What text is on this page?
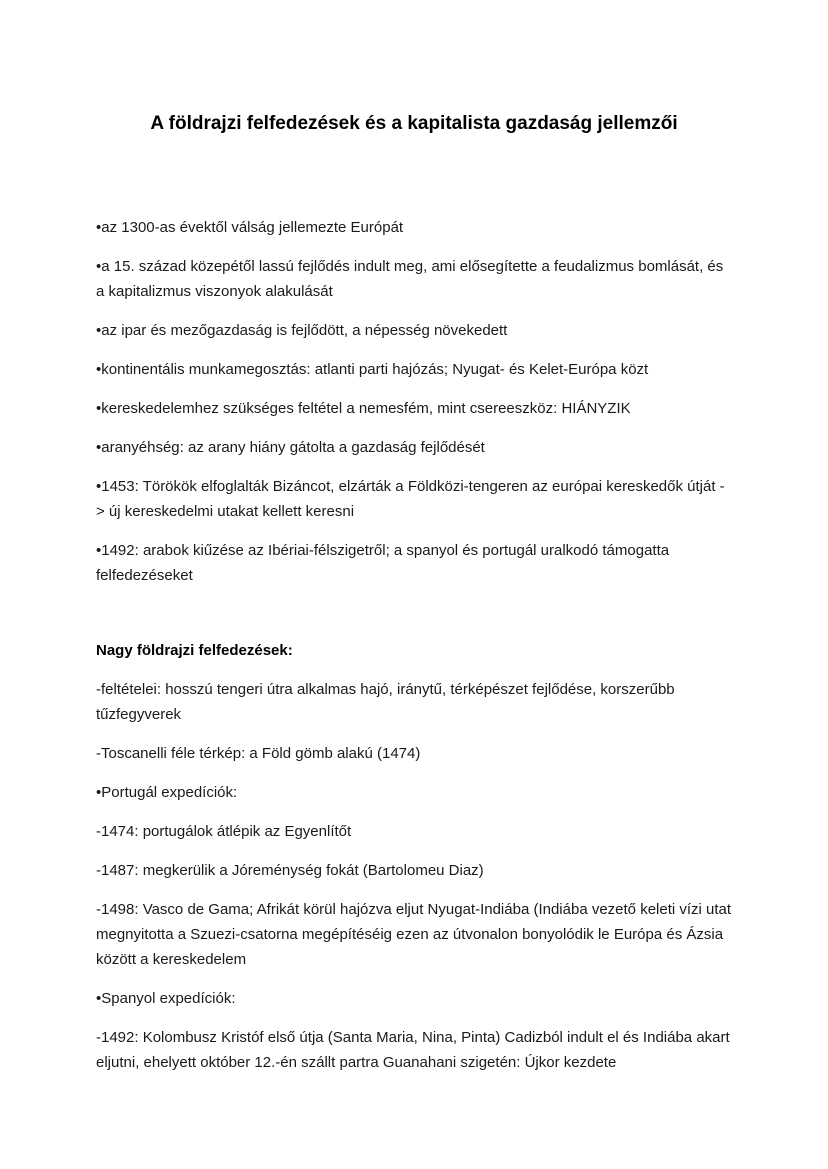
A földrajzi felfedezések és a kapitalista gazdaság jellemzői

•az 1300-as évektől válság jellemezte Európát

•a 15. század közepétől lassú fejlődés indult meg, ami elősegítette a feudalizmus bomlását, és a kapitalizmus viszonyok alakulását

•az ipar és mezőgazdaság is fejlődött, a népesség növekedett

•kontinentális munkamegosztás: atlanti parti hajózás; Nyugat- és Kelet-Európa közt

•kereskedelemhez szükséges feltétel a nemesfém, mint csereeszköz: HIÁNYZIK

•aranyéhség: az arany hiány gátolta a gazdaság fejlődését

•1453: Törökök elfoglalták Bizáncot, elzárták a Földközi-tengeren az európai kereskedők útját -> új kereskedelmi utakat kellett keresni

•1492: arabok kiűzése az Ibériai-félszigetről; a spanyol és portugál uralkodó támogatta felfedezéseket

Nagy földrajzi felfedezések:

-feltételei: hosszú tengeri útra alkalmas hajó, iránytű, térképészet fejlődése, korszerűbb tűzfegyverek

-Toscanelli féle térkép: a Föld gömb alakú (1474)

•Portugál expedíciók:

-1474: portugálok átlépik az Egyenlítőt

-1487: megkerülik a Jóreménység fokát (Bartolomeu Diaz)

-1498: Vasco de Gama; Afrikát körül hajózva eljut Nyugat-Indiába (Indiába vezető keleti vízi utat megnyitotta a Szuezi-csatorna megépítéséig ezen az útvonalon bonyolódik le Európa és Ázsia között a kereskedelem

•Spanyol expedíciók:

-1492: Kolombusz Kristóf első útja (Santa Maria, Nina, Pinta) Cadizból indult el és Indiába akart eljutni, ehelyett október 12.-én szállt partra Guanahani szigetén: Újkor kezdete
